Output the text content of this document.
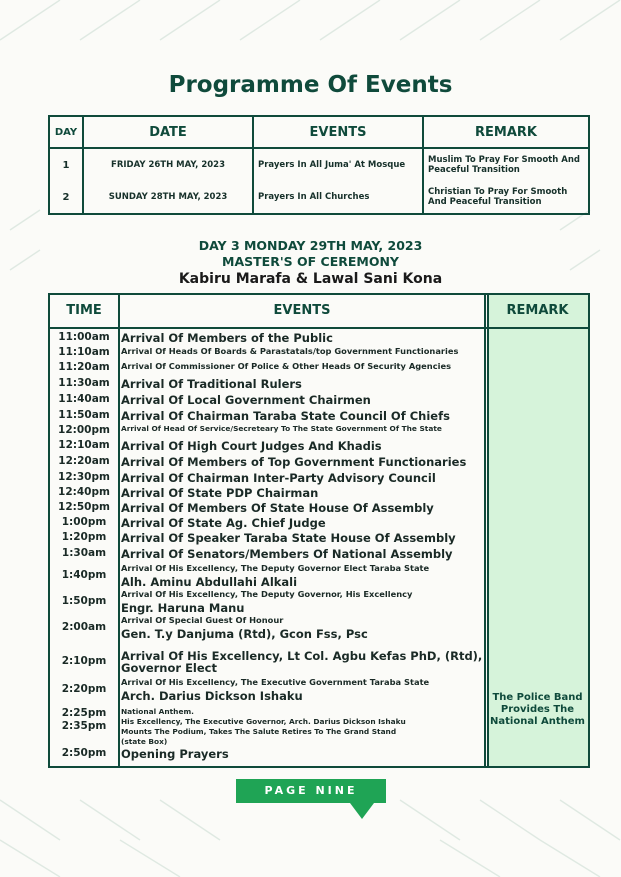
Programme Of Events
DAY	DATE	EVENTS	REMARK
1	FRIDAY 26TH MAY, 2023	Prayers In All Juma' At Mosque	Muslim To Pray For Smooth And Peaceful Transition
2	SUNDAY 28TH MAY, 2023	Prayers In All Churches	Christian To Pray For Smooth And Peaceful Transition
DAY 3 MONDAY 29TH MAY, 2023
MASTER'S OF CEREMONY
Kabiru Marafa & Lawal Sani Kona
TIME	EVENTS	REMARK
11:00am Arrival Of Members of the Public
11:10am	Arrival Of Heads Of Boards & Parastatals/top Government Functionaries
11:20am	Arrival Of Commissioner Of Police & Other Heads Of Security Agencies
11:30am Arrival Of Traditional Rulers
11:40am Arrival Of Local Government Chairmen
11:50am Arrival Of Chairman Taraba State Council Of Chiefs
12:00pm	Arrival Of Head Of Service/Secreteary To The State Government Of The State
12:10am Arrival Of High Court Judges And Khadis
12:20am Arrival Of Members of Top Government Functionaries
12:30pm Arrival Of Chairman Inter-Party Advisory Council
12:40pm Arrival Of State PDP Chairman
12:50pm Arrival Of Members Of State House Of Assembly
1:00pm	Arrival Of State Ag. Chief Judge
1:20pm	Arrival Of Speaker Taraba State House Of Assembly
1:30am	Arrival Of Senators/Members Of National Assembly
1:40pm
Arrival Of His Excellency, The Deputy Governor Elect Taraba State
Alh. Aminu Abdullahi Alkali
1:50pm
Arrival Of His Excellency, The Deputy Governor, His Excellency
Engr. Haruna Manu
2:00am
Arrival Of Special Guest Of Honour
Gen. T.y Danjuma (Rtd), Gcon Fss, Psc
2:10pm	Arrival Of His Excellency, Lt Col. Agbu Kefas PhD, (Rtd),
Governor Elect
2:20pm
Arrival Of His Excellency, The Executive Government Taraba State
Arch. Darius Dickson Ishaku
2:25pm	National Anthem.
2:35pm	His Excellency, The Executive Governor, Arch. Darius Dickson Ishaku
Mounts The Podium, Takes The Salute Retires To The Grand Stand
(state Box)
2:50pm	Opening Prayers
The Police Band Provides The National Anthem
PAGE NINE
